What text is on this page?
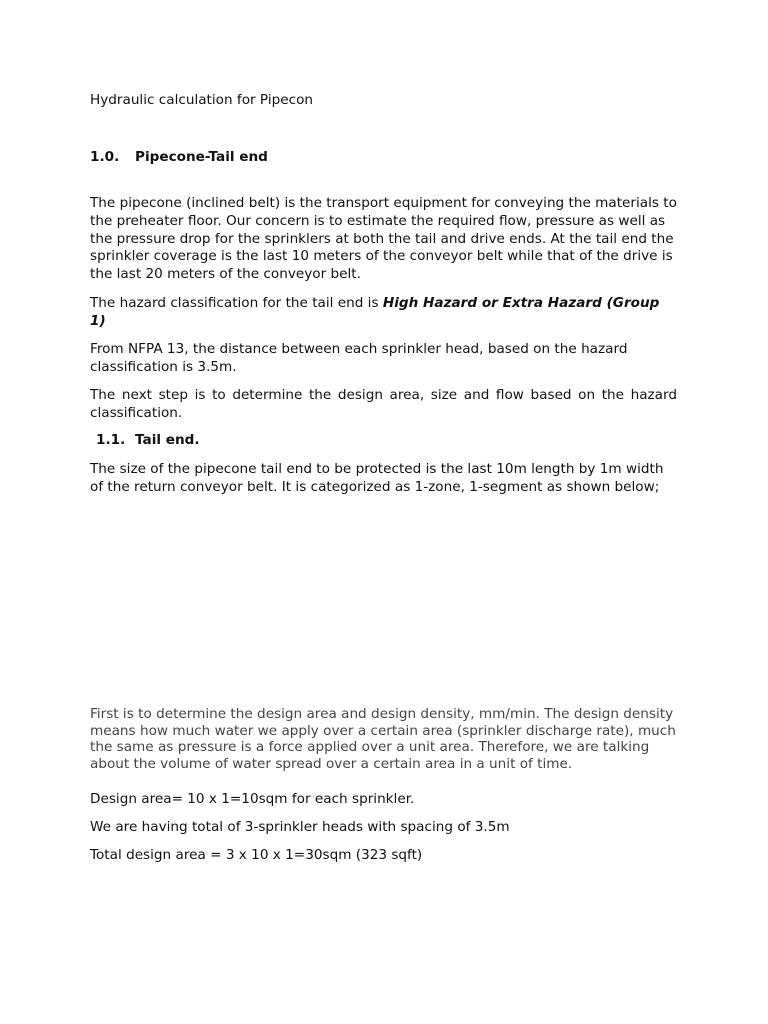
Hydraulic calculation for Pipecon

1.0. Pipecone-Tail end

The pipecone (inclined belt) is the transport equipment for conveying the materials to the preheater floor. Our concern is to estimate the required flow, pressure as well as the pressure drop for the sprinklers at both the tail and drive ends. At the tail end the sprinkler coverage is the last 10 meters of the conveyor belt while that of the drive is the last 20 meters of the conveyor belt.

The hazard classification for the tail end is High Hazard or Extra Hazard (Group 1)

From NFPA 13, the distance between each sprinkler head, based on the hazard classification is 3.5m.

The next step is to determine the design area, size and flow based on the hazard classification.

1.1. Tail end.

The size of the pipecone tail end to be protected is the last 10m length by 1m width of the return conveyor belt. It is categorized as 1-zone, 1-segment as shown below;

First is to determine the design area and design density, mm/min. The design density means how much water we apply over a certain area (sprinkler discharge rate), much the same as pressure is a force applied over a unit area. Therefore, we are talking about the volume of water spread over a certain area in a unit of time.

Design area= 10 x 1=10sqm for each sprinkler.

We are having total of 3-sprinkler heads with spacing of 3.5m

Total design area = 3 x 10 x 1=30sqm (323 sqft)
